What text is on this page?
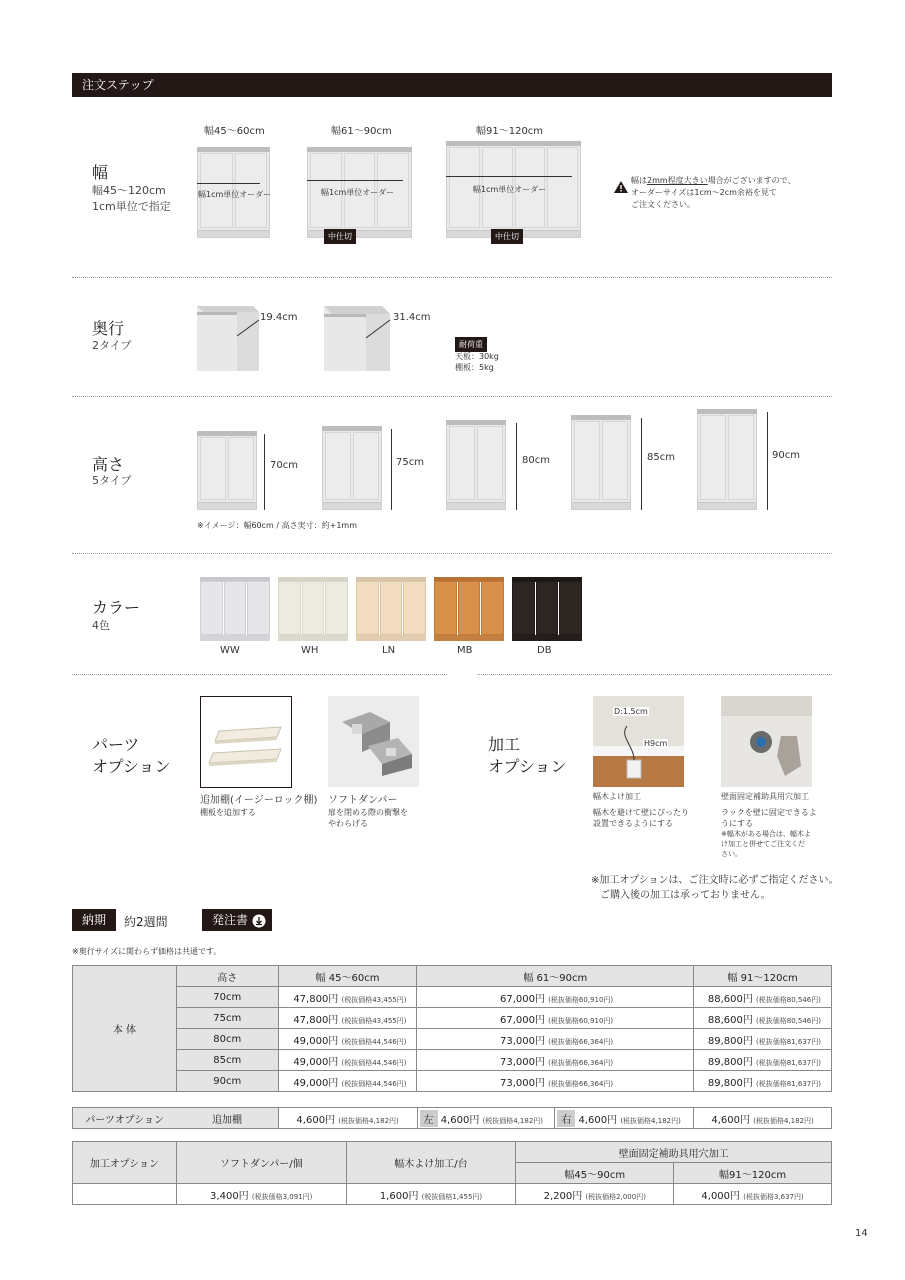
注文ステップ
幅
幅45〜120cm
1cm単位で指定
幅45〜60cm
幅1cm単位オーダー
幅61〜90cm
幅1cm単位オーダー
中仕切
幅91〜120cm
幅1cm単位オーダー
中仕切
幅は2mm程度大きい場合がございますので、
オーダーサイズは1cm〜2cm余裕を見て
ご注文ください。
奥行
2タイプ
19.4cm	31.4cm
耐荷重
天板：30kg
棚板：5kg
高さ
5タイプ
70cm	75cm	80cm	85cm	90cm
※イメージ：幅60cm / 高さ実寸：約+1mm
カラー
4色
WW	WH	LN	MB	DB
パーツ
オプション
追加棚(イージーロック棚)
棚板を追加する
ソフトダンパー
扉を閉める際の衝撃を
やわらげる
加工
オプション
D:1.5cm
H9cm
幅木よけ加工
幅木を避けて壁にぴったり
設置できるようにする
壁面固定補助具用穴加工
ラックを壁に固定できるよ
うにする
※幅木がある場合は、幅木よ
け加工と併せてご注文くだ
さい。
※加工オプションは、ご注文時に必ずご指定ください。
ご購入後の加工は承っておりません。
納期	約2週間	発注書
※奥行サイズに関わらず価格は共通です。
本 体	高さ	幅 45〜60cm	幅 61〜90cm	幅 91〜120cm
	70cm	47,800円 (税抜価格43,455円)	67,000円 (税抜価格60,910円)	88,600円 (税抜価格80,546円)
	75cm	47,800円 (税抜価格43,455円)	67,000円 (税抜価格60,910円)	88,600円 (税抜価格80,546円)
	80cm	49,000円 (税抜価格44,546円)	73,000円 (税抜価格66,364円)	89,800円 (税抜価格81,637円)
	85cm	49,000円 (税抜価格44,546円)	73,000円 (税抜価格66,364円)	89,800円 (税抜価格81,637円)
	90cm	49,000円 (税抜価格44,546円)	73,000円 (税抜価格66,364円)	89,800円 (税抜価格81,637円)
パーツオプション	追加棚	4,600円 (税抜価格4,182円)	左 4,600円 (税抜価格4,182円)	右 4,600円 (税抜価格4,182円)	4,600円 (税抜価格4,182円)
加工オプション	ソフトダンパー/個	幅木よけ加工/台	壁面固定補助具用穴加工	
			幅45〜90cm	幅91〜120cm
	3,400円 (税抜価格3,091円)	1,600円 (税抜価格1,455円)	2,200円 (税抜価格2,000円)	4,000円 (税抜価格3,637円)
14
